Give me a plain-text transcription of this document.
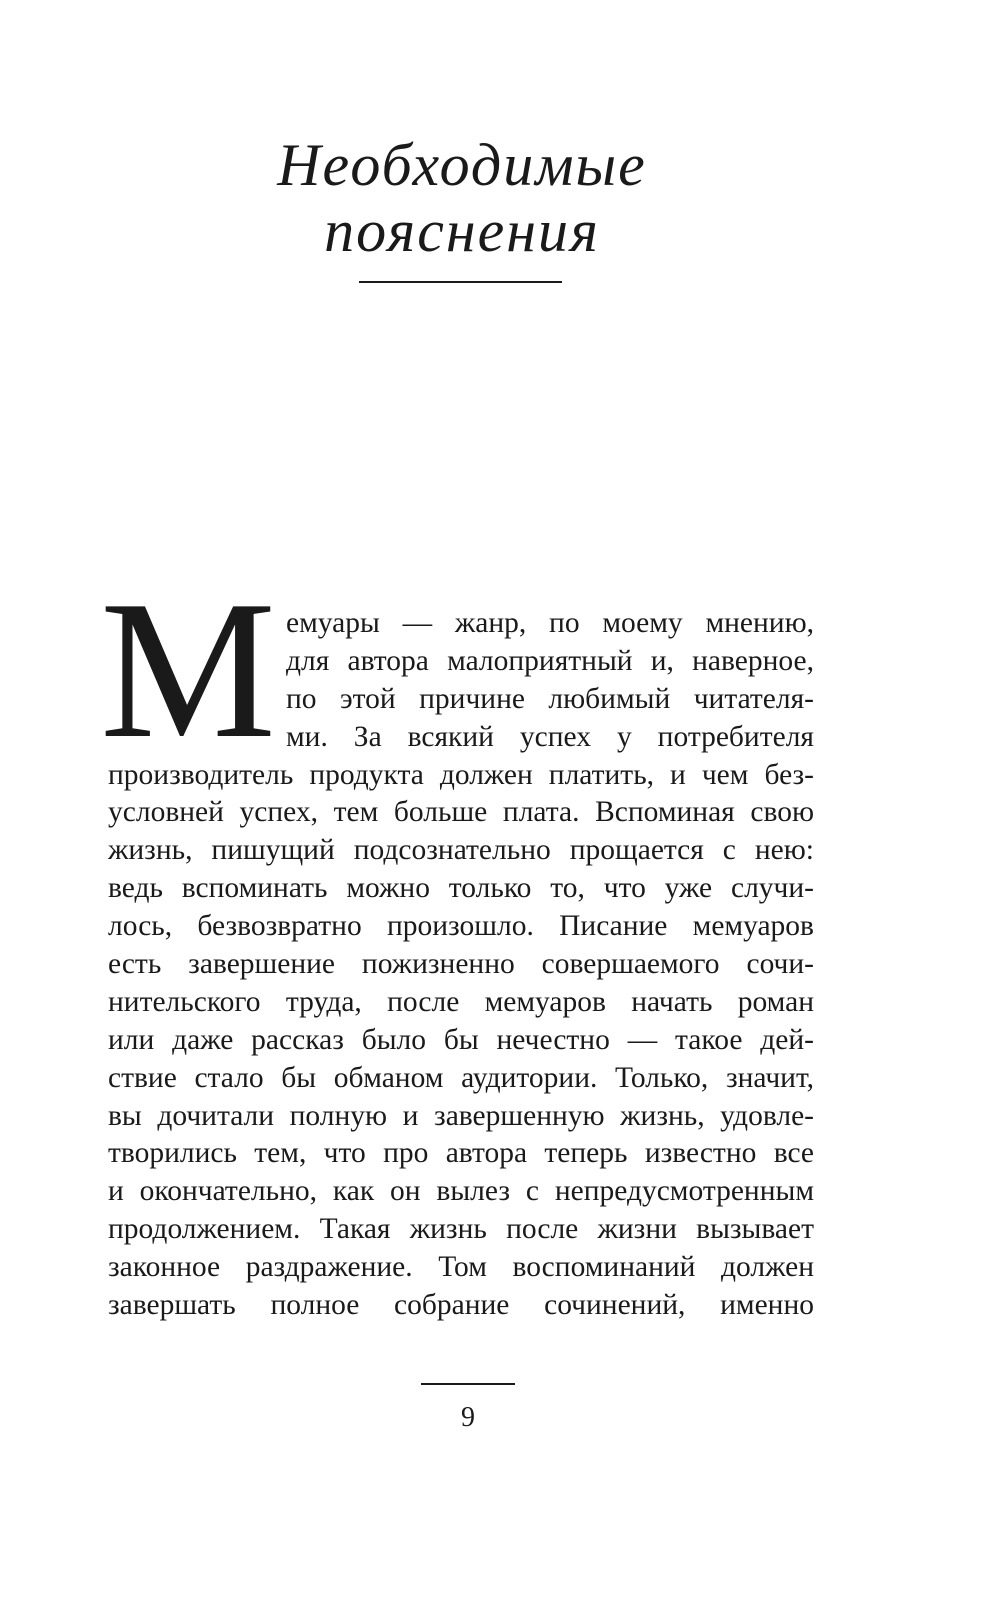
Необходимые
пояснения
М емуары — жанр, по моему мнению,
для автора малоприятный и, наверное,
по этой причине любимый читателя-
ми. За всякий успех у потребителя
производитель продукта должен платить, и чем без-
условней успех, тем больше плата. Вспоминая свою
жизнь, пишущий подсознательно прощается с нею:
ведь вспоминать можно только то, что уже случи-
лось, безвозвратно произошло. Писание мемуаров
есть завершение пожизненно совершаемого сочи-
нительского труда, после мемуаров начать роман
или даже рассказ было бы нечестно — такое дей-
ствие стало бы обманом аудитории. Только, значит,
вы дочитали полную и завершенную жизнь, удовле-
творились тем, что про автора теперь известно все
и окончательно, как он вылез с непредусмотренным
продолжением. Такая жизнь после жизни вызывает
законное раздражение. Том воспоминаний должен
завершать полное собрание сочинений, именно
9
